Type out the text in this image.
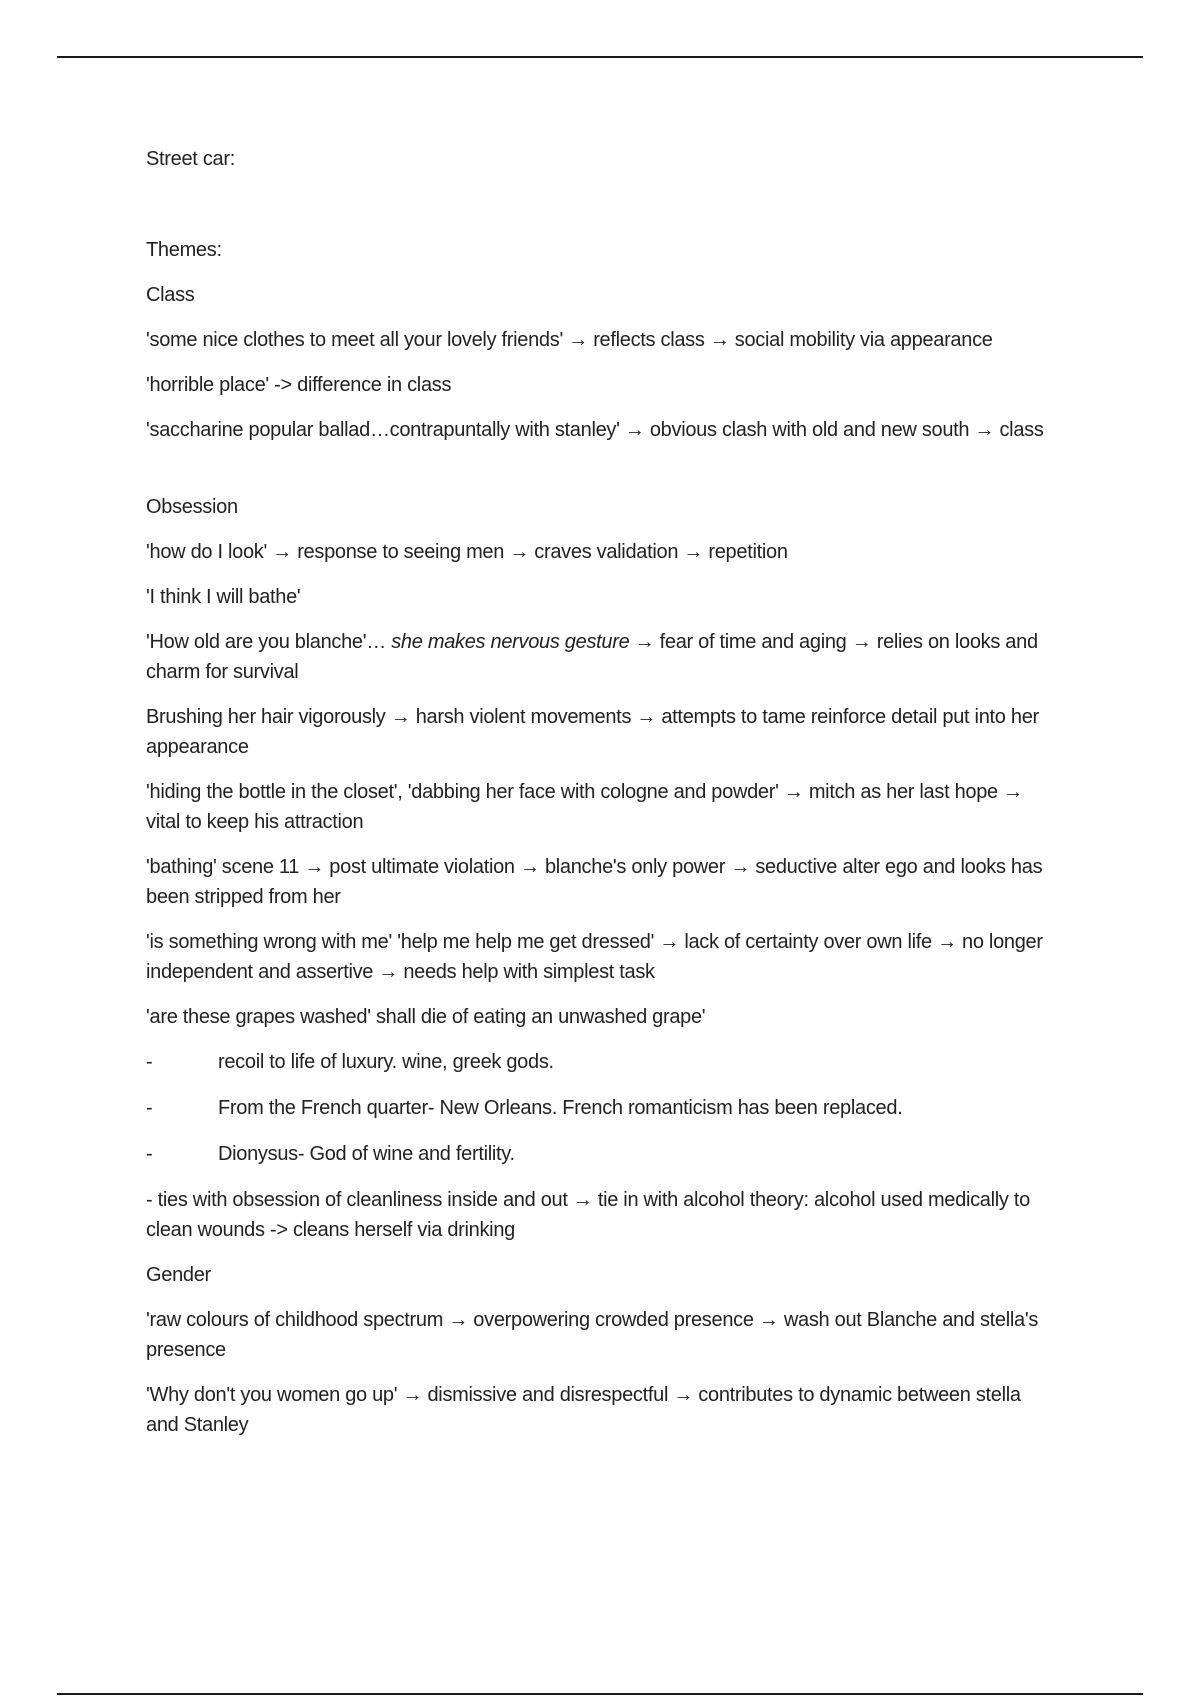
Street car:

Themes:

Class

'some nice clothes to meet all your lovely friends' → reflects class → social mobility via appearance

'horrible place' -> difference in class

'saccharine popular ballad…contrapuntally with stanley' → obvious clash with old and new south → class

Obsession

'how do I look' → response to seeing men → craves validation → repetition

'I think I will bathe'

'How old are you blanche'… she makes nervous gesture → fear of time and aging → relies on looks and charm for survival

Brushing her hair vigorously → harsh violent movements → attempts to tame reinforce detail put into her appearance

'hiding the bottle in the closet', 'dabbing her face with cologne and powder' → mitch as her last hope → vital to keep his attraction

'bathing' scene 11 → post ultimate violation → blanche's only power → seductive alter ego and looks has been stripped from her

'is something wrong with me' 'help me help me get dressed' → lack of certainty over own life → no longer independent and assertive → needs help with simplest task

'are these grapes washed' shall die of eating an unwashed grape'

-	recoil to life of luxury. wine, greek gods.
-	From the French quarter- New Orleans. French romanticism has been replaced.
-	Dionysus- God of wine and fertility.

- ties with obsession of cleanliness inside and out → tie in with alcohol theory: alcohol used medically to clean wounds -> cleans herself via drinking

Gender

'raw colours of childhood spectrum → overpowering crowded presence → wash out Blanche and stella's presence

'Why don't you women go up' → dismissive and disrespectful → contributes to dynamic between stella and Stanley
